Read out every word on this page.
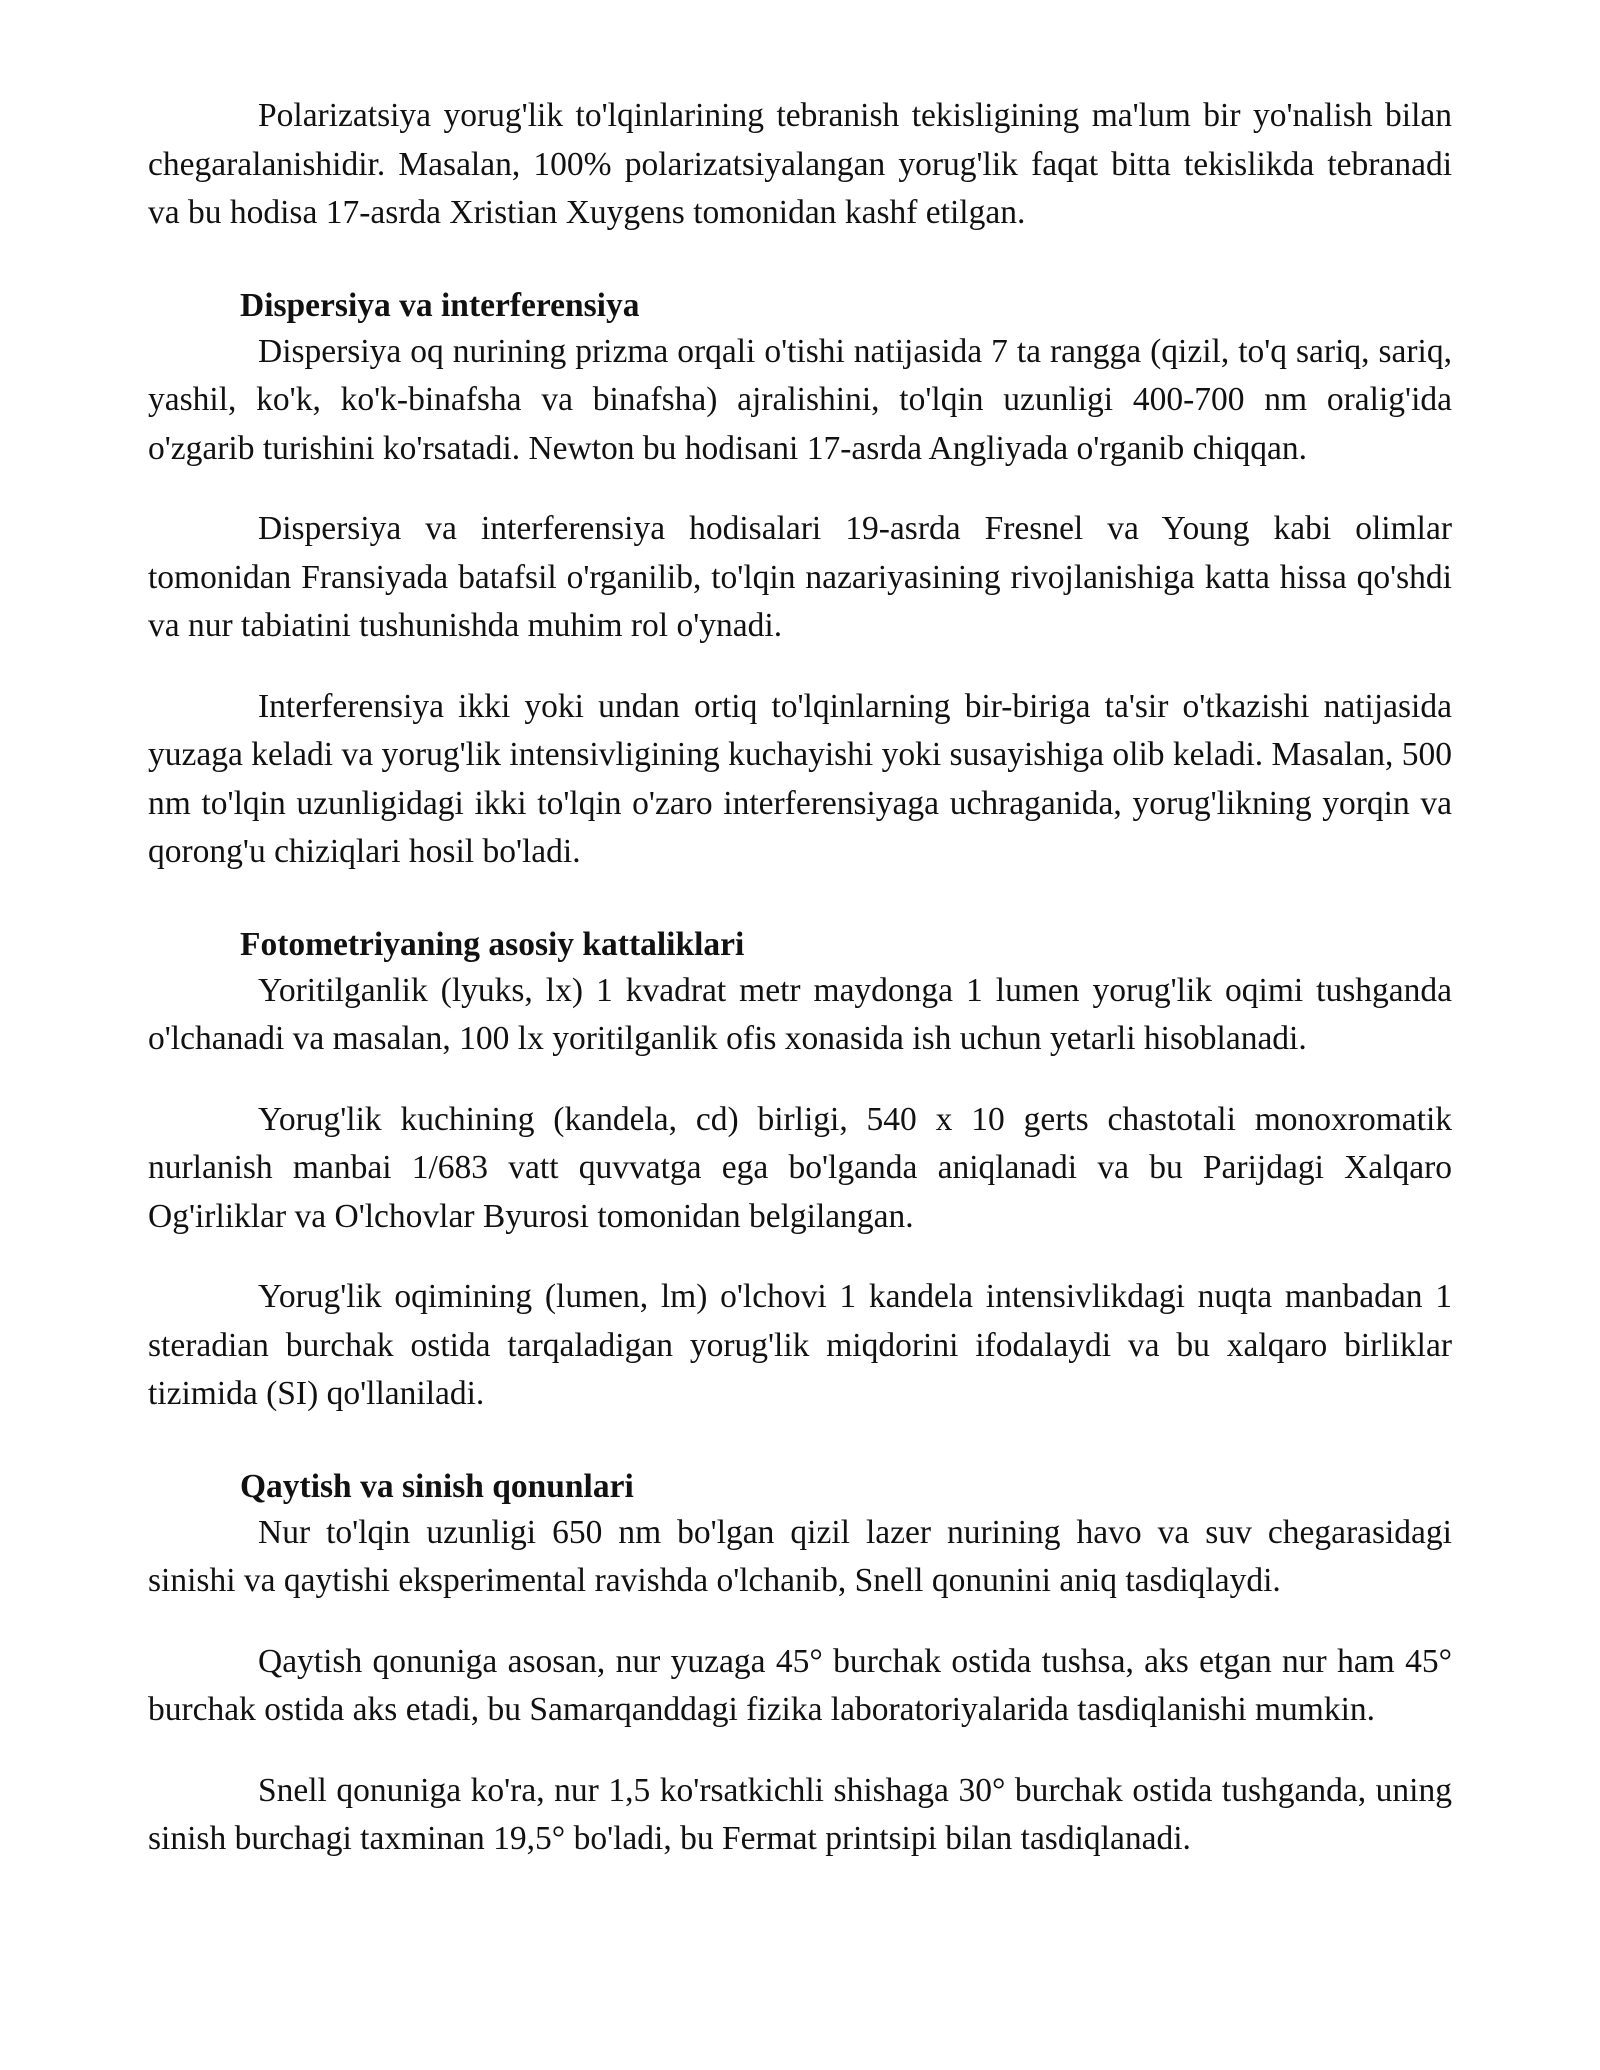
Polarizatsiya yorug'lik to'lqinlarining tebranish tekisligining ma'lum bir yo'nalish bilan chegaralanishidir. Masalan, 100% polarizatsiyalangan yorug'lik faqat bitta tekislikda tebranadi va bu hodisa 17-asrda Xristian Xuygens tomonidan kashf etilgan.

Dispersiya va interferensiya

Dispersiya oq nurining prizma orqali o'tishi natijasida 7 ta rangga (qizil, to'q sariq, sariq, yashil, ko'k, ko'k-binafsha va binafsha) ajralishini, to'lqin uzunligi 400-700 nm oralig'ida o'zgarib turishini ko'rsatadi. Newton bu hodisani 17-asrda Angliyada o'rganib chiqqan.

Dispersiya va interferensiya hodisalari 19-asrda Fresnel va Young kabi olimlar tomonidan Fransiyada batafsil o'rganilib, to'lqin nazariyasining rivojlanishiga katta hissa qo'shdi va nur tabiatini tushunishda muhim rol o'ynadi.

Interferensiya ikki yoki undan ortiq to'lqinlarning bir-biriga ta'sir o'tkazishi natijasida yuzaga keladi va yorug'lik intensivligining kuchayishi yoki susayishiga olib keladi. Masalan, 500 nm to'lqin uzunligidagi ikki to'lqin o'zaro interferensiyaga uchraganida, yorug'likning yorqin va qorong'u chiziqlari hosil bo'ladi.

Fotometriyaning asosiy kattaliklari

Yoritilganlik (lyuks, lx) 1 kvadrat metr maydonga 1 lumen yorug'lik oqimi tushganda o'lchanadi va masalan, 100 lx yoritilganlik ofis xonasida ish uchun yetarli hisoblanadi.

Yorug'lik kuchining (kandela, cd) birligi, 540 x 10 gerts chastotali monoxromatik nurlanish manbai 1/683 vatt quvvatga ega bo'lganda aniqlanadi va bu Parijdagi Xalqaro Og'irliklar va O'lchovlar Byurosi tomonidan belgilangan.

Yorug'lik oqimining (lumen, lm) o'lchovi 1 kandela intensivlikdagi nuqta manbadan 1 steradian burchak ostida tarqaladigan yorug'lik miqdorini ifodalaydi va bu xalqaro birliklar tizimida (SI) qo'llaniladi.

Qaytish va sinish qonunlari

Nur to'lqin uzunligi 650 nm bo'lgan qizil lazer nurining havo va suv chegarasidagi sinishi va qaytishi eksperimental ravishda o'lchanib, Snell qonunini aniq tasdiqlaydi.

Qaytish qonuniga asosan, nur yuzaga 45° burchak ostida tushsa, aks etgan nur ham 45° burchak ostida aks etadi, bu Samarqanddagi fizika laboratoriyalarida tasdiqlanishi mumkin.

Snell qonuniga ko'ra, nur 1,5 ko'rsatkichli shishaga 30° burchak ostida tushganda, uning sinish burchagi taxminan 19,5° bo'ladi, bu Fermat printsipi bilan tasdiqlanadi.
